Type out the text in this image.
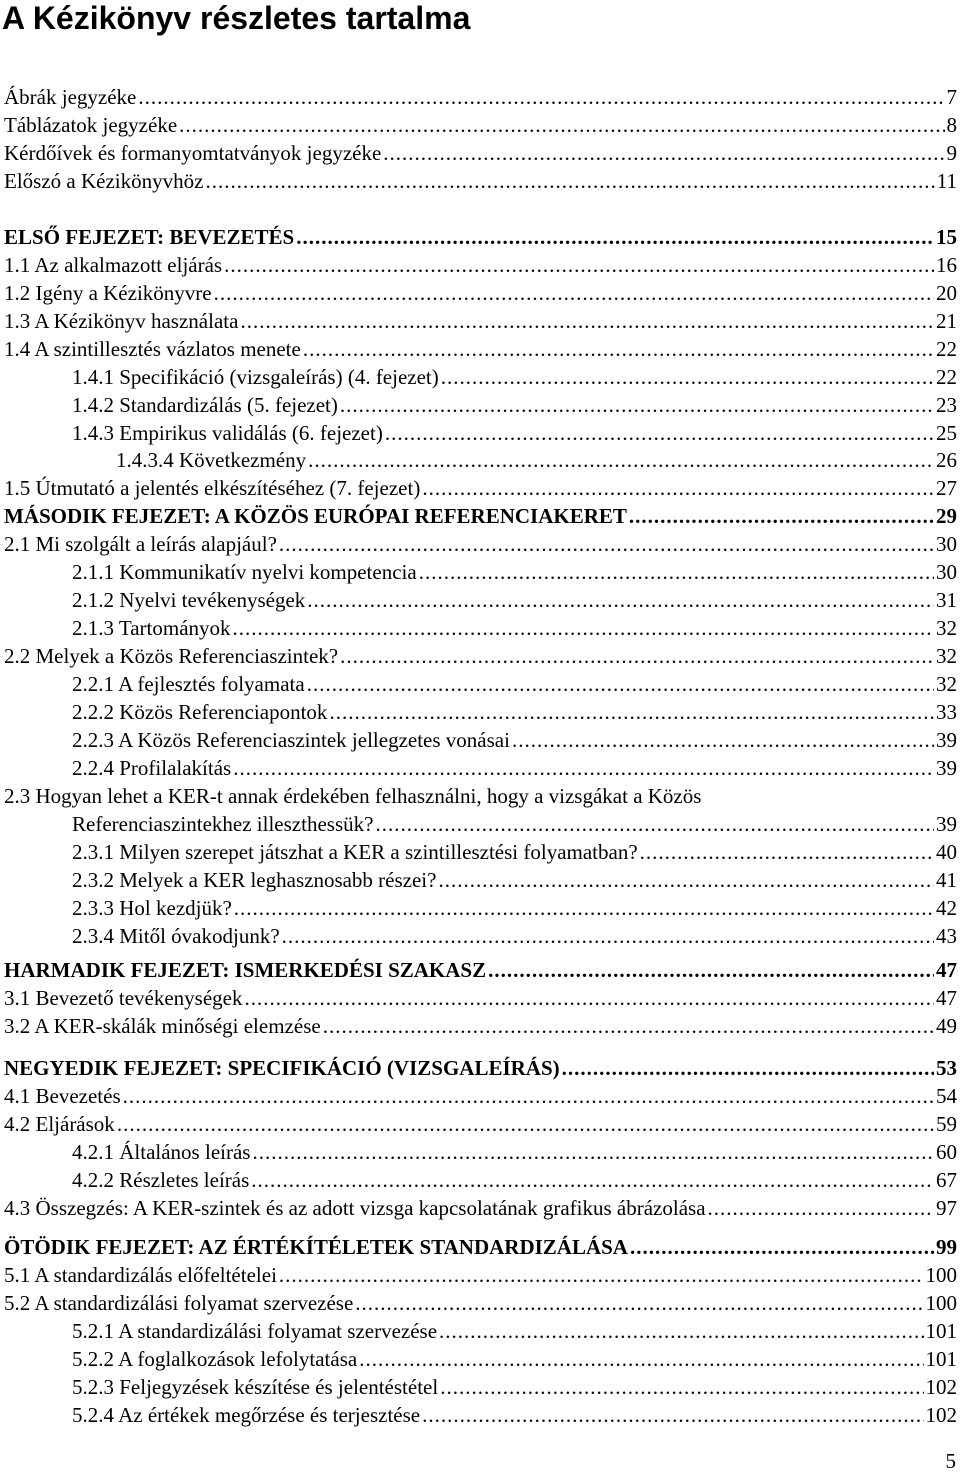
A Kézikönyv részletes tartalma
Ábrák jegyzéke .....	7
Táblázatok jegyzéke .....	8
Kérdőívek és formanyomtatványok jegyzéke .....	9
Előszó a Kézikönyvhöz .....	11
ELSŐ FEJEZET: BEVEZETÉS .....	15
1.1 Az alkalmazott eljárás .....	16
1.2 Igény a Kézikönyvre .....	20
1.3 A Kézikönyv használata .....	21
1.4 A szintillesztés vázlatos menete .....	22
1.4.1 Specifikáció (vizsgaleírás) (4. fejezet) .....	22
1.4.2 Standardizálás (5. fejezet) .....	23
1.4.3 Empirikus validálás (6. fejezet) .....	25
1.4.3.4 Következmény .....	26
1.5 Útmutató a jelentés elkészítéséhez (7. fejezet) .....	27
MÁSODIK FEJEZET: A KÖZÖS EURÓPAI REFERENCIAKERET .....	29
2.1 Mi szolgált a leírás alapjául? .....	30
2.1.1 Kommunikatív nyelvi kompetencia .....	30
2.1.2 Nyelvi tevékenységek .....	31
2.1.3 Tartományok .....	32
2.2 Melyek a Közös Referenciaszintek? .....	32
2.2.1 A fejlesztés folyamata .....	32
2.2.2 Közös Referenciapontok .....	33
2.2.3 A Közös Referenciaszintek jellegzetes vonásai .....	39
2.2.4 Profilalakítás .....	39
2.3 Hogyan lehet a KER-t annak érdekében felhasználni, hogy a vizsgákat a Közös
Referenciaszintekhez illeszthessük? .....	39
2.3.1 Milyen szerepet játszhat a KER a szintillesztési folyamatban? .....	40
2.3.2 Melyek a KER leghasznosabb részei? .....	41
2.3.3 Hol kezdjük? .....	42
2.3.4 Mitől óvakodjunk? .....	43
HARMADIK FEJEZET: ISMERKEDÉSI SZAKASZ .....	47
3.1 Bevezető tevékenységek .....	47
3.2 A KER-skálák minőségi elemzése .....	49
NEGYEDIK FEJEZET: SPECIFIKÁCIÓ (VIZSGALEÍRÁS) .....	53
4.1 Bevezetés .....	54
4.2 Eljárások .....	59
4.2.1 Általános leírás .....	60
4.2.2 Részletes leírás .....	67
4.3 Összegzés: A KER-szintek és az adott vizsga kapcsolatának grafikus ábrázolása .....	97
ÖTÖDIK FEJEZET: AZ ÉRTÉKÍTÉLETEK STANDARDIZÁLÁSA .....	99
5.1 A standardizálás előfeltételei .....	100
5.2 A standardizálási folyamat szervezése .....	100
5.2.1 A standardizálási folyamat szervezése .....	101
5.2.2 A foglalkozások lefolytatása .....	101
5.2.3 Feljegyzések készítése és jelentéstétel .....	102
5.2.4 Az értékek megőrzése és terjesztése .....	102
5
